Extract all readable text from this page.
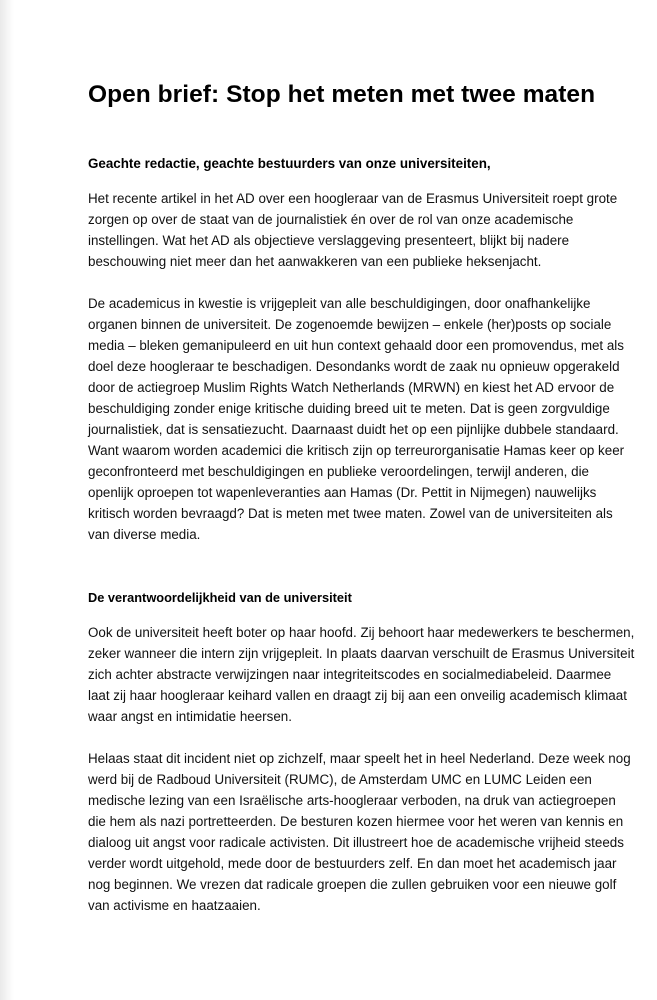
Open brief: Stop het meten met twee maten
Geachte redactie, geachte bestuurders van onze universiteiten,

Het recente artikel in het AD over een hoogleraar van de Erasmus Universiteit roept grote zorgen op over de staat van de journalistiek én over de rol van onze academische instellingen. Wat het AD als objectieve verslaggeving presenteert, blijkt bij nadere beschouwing niet meer dan het aanwakkeren van een publieke heksenjacht.

De academicus in kwestie is vrijgepleit van alle beschuldigingen, door onafhankelijke organen binnen de universiteit. De zogenoemde bewijzen – enkele (her)posts op sociale media – bleken gemanipuleerd en uit hun context gehaald door een promovendus, met als doel deze hoogleraar te beschadigen. Desondanks wordt de zaak nu opnieuw opgerakeld door de actiegroep Muslim Rights Watch Netherlands (MRWN) en kiest het AD ervoor de beschuldiging zonder enige kritische duiding breed uit te meten. Dat is geen zorgvuldige journalistiek, dat is sensatiezucht. Daarnaast duidt het op een pijnlijke dubbele standaard. Want waarom worden academici die kritisch zijn op terreurorganisatie Hamas keer op keer geconfronteerd met beschuldigingen en publieke veroordelingen, terwijl anderen, die openlijk oproepen tot wapenleveranties aan Hamas (Dr. Pettit in Nijmegen) nauwelijks kritisch worden bevraagd? Dat is meten met twee maten. Zowel van de universiteiten als van diverse media.

De verantwoordelijkheid van de universiteit

Ook de universiteit heeft boter op haar hoofd. Zij behoort haar medewerkers te beschermen, zeker wanneer die intern zijn vrijgepleit. In plaats daarvan verschuilt de Erasmus Universiteit zich achter abstracte verwijzingen naar integriteitscodes en socialmediabeleid. Daarmee laat zij haar hoogleraar keihard vallen en draagt zij bij aan een onveilig academisch klimaat waar angst en intimidatie heersen.

Helaas staat dit incident niet op zichzelf, maar speelt het in heel Nederland. Deze week nog werd bij de Radboud Universiteit (RUMC), de Amsterdam UMC en LUMC Leiden een medische lezing van een Israëlische arts-hoogleraar verboden, na druk van actiegroepen die hem als nazi portretteerden. De besturen kozen hiermee voor het weren van kennis en dialoog uit angst voor radicale activisten. Dit illustreert hoe de academische vrijheid steeds verder wordt uitgehold, mede door de bestuurders zelf. En dan moet het academisch jaar nog beginnen. We vrezen dat radicale groepen die zullen gebruiken voor een nieuwe golf van activisme en haatzaaien.
